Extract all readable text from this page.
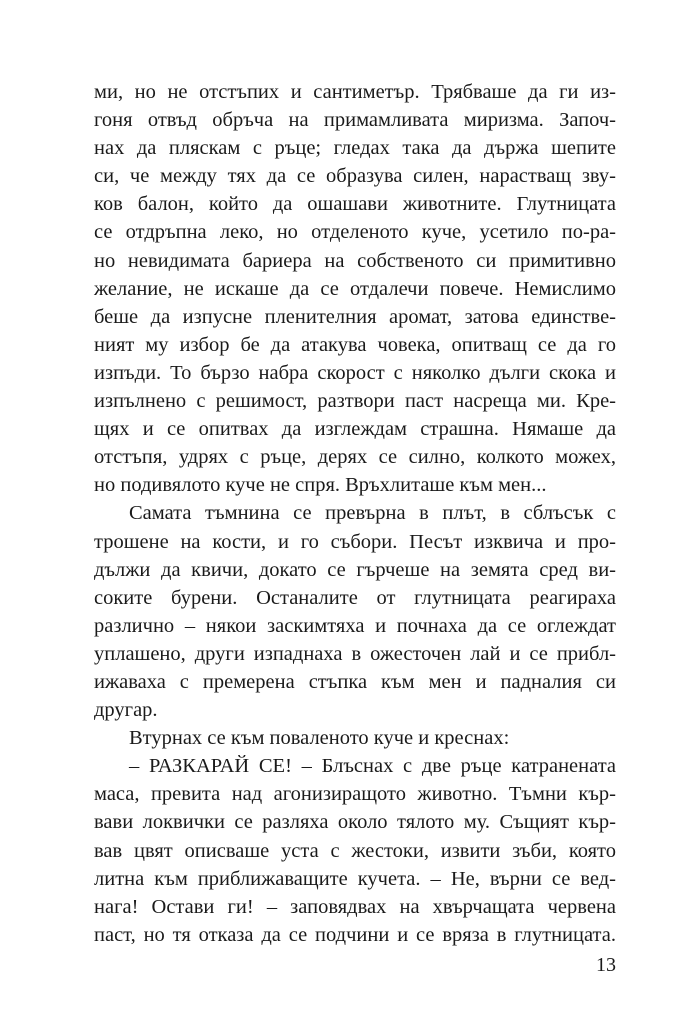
ми, но не отстъпих и сантиметър. Трябваше да ги из-
гоня отвъд обръча на примамливата миризма. Започ-
нах да пляскам с ръце; гледах така да държа шепите
си, че между тях да се образува силен, нарастващ зву-
ков балон, който да ошашави животните. Глутницата
се отдръпна леко, но отделеното куче, усетило по-ра-
но невидимата бариера на собственото си примитивно
желание, не искаше да се отдалечи повече. Немислимо
беше да изпусне пленителния аромат, затова единстве-
ният му избор бе да атакува човека, опитващ се да го
изпъди. То бързо набра скорост с няколко дълги скока и
изпълнено с решимост, разтвори паст насреща ми. Кре-
щях и се опитвах да изглеждам страшна. Нямаше да
отстъпя, удрях с ръце, дерях се силно, колкото можех,
но подивялото куче не спря. Връхлиташе към мен...
Самата тъмнина се превърна в плът, в сблъсък с
трошене на кости, и го събори. Песът изквича и про-
дължи да квичи, докато се гърчеше на земята сред ви-
соките бурени. Останалите от глутницата реагираха
различно – някои заскимтяха и почнаха да се оглеждат
уплашено, други изпаднаха в ожесточен лай и се прибл-
ижаваха с премерена стъпка към мен и падналия си
другар.
Втурнах се към поваленото куче и креснах:
– РАЗКАРАЙ СЕ! – Блъснах с две ръце катранената
маса, превита над агонизиращото животно. Тъмни кър-
вави локвички се разляха около тялото му. Същият кър-
вав цвят описваше уста с жестоки, извити зъби, която
литна към приближаващите кучета. – Не, върни се вед-
нага! Остави ги! – заповядвах на хвърчащата червена
паст, но тя отказа да се подчини и се вряза в глутницата.
13
